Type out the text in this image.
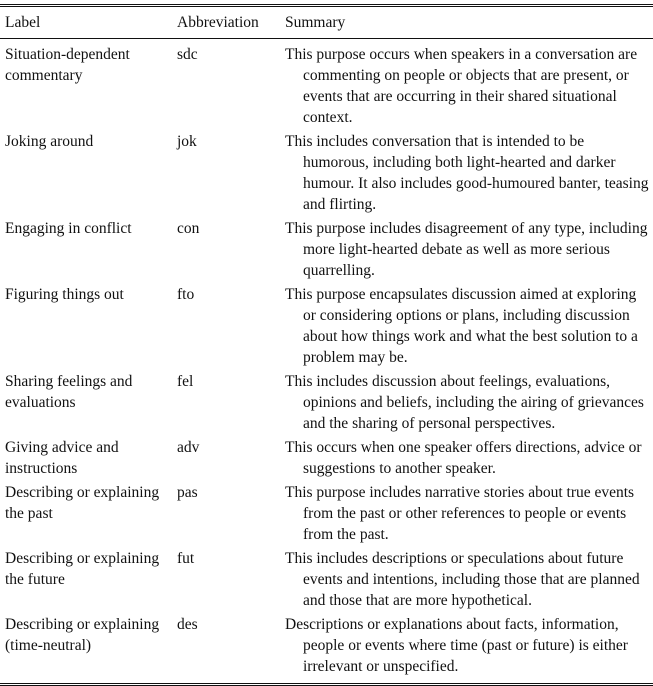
Label	Abbreviation	Summary

Situation-dependent commentary	sdc	This purpose occurs when speakers in a conversation are commenting on people or objects that are present, or events that are occurring in their shared situational context.
Joking around	jok	This includes conversation that is intended to be humorous, including both light-hearted and darker humour. It also includes good-humoured banter, teasing and flirting.
Engaging in conflict	con	This purpose includes disagreement of any type, including more light-hearted debate as well as more serious quarrelling.
Figuring things out	fto	This purpose encapsulates discussion aimed at exploring or considering options or plans, including discussion about how things work and what the best solution to a problem may be.
Sharing feelings and evaluations	fel	This includes discussion about feelings, evaluations, opinions and beliefs, including the airing of grievances and the sharing of personal perspectives.
Giving advice and instructions	adv	This occurs when one speaker offers directions, advice or suggestions to another speaker.
Describing or explaining the past	pas	This purpose includes narrative stories about true events from the past or other references to people or events from the past.
Describing or explaining the future	fut	This includes descriptions or speculations about future events and intentions, including those that are planned and those that are more hypothetical.
Describing or explaining (time-neutral)	des	Descriptions or explanations about facts, information, people or events where time (past or future) is either irrelevant or unspecified.
